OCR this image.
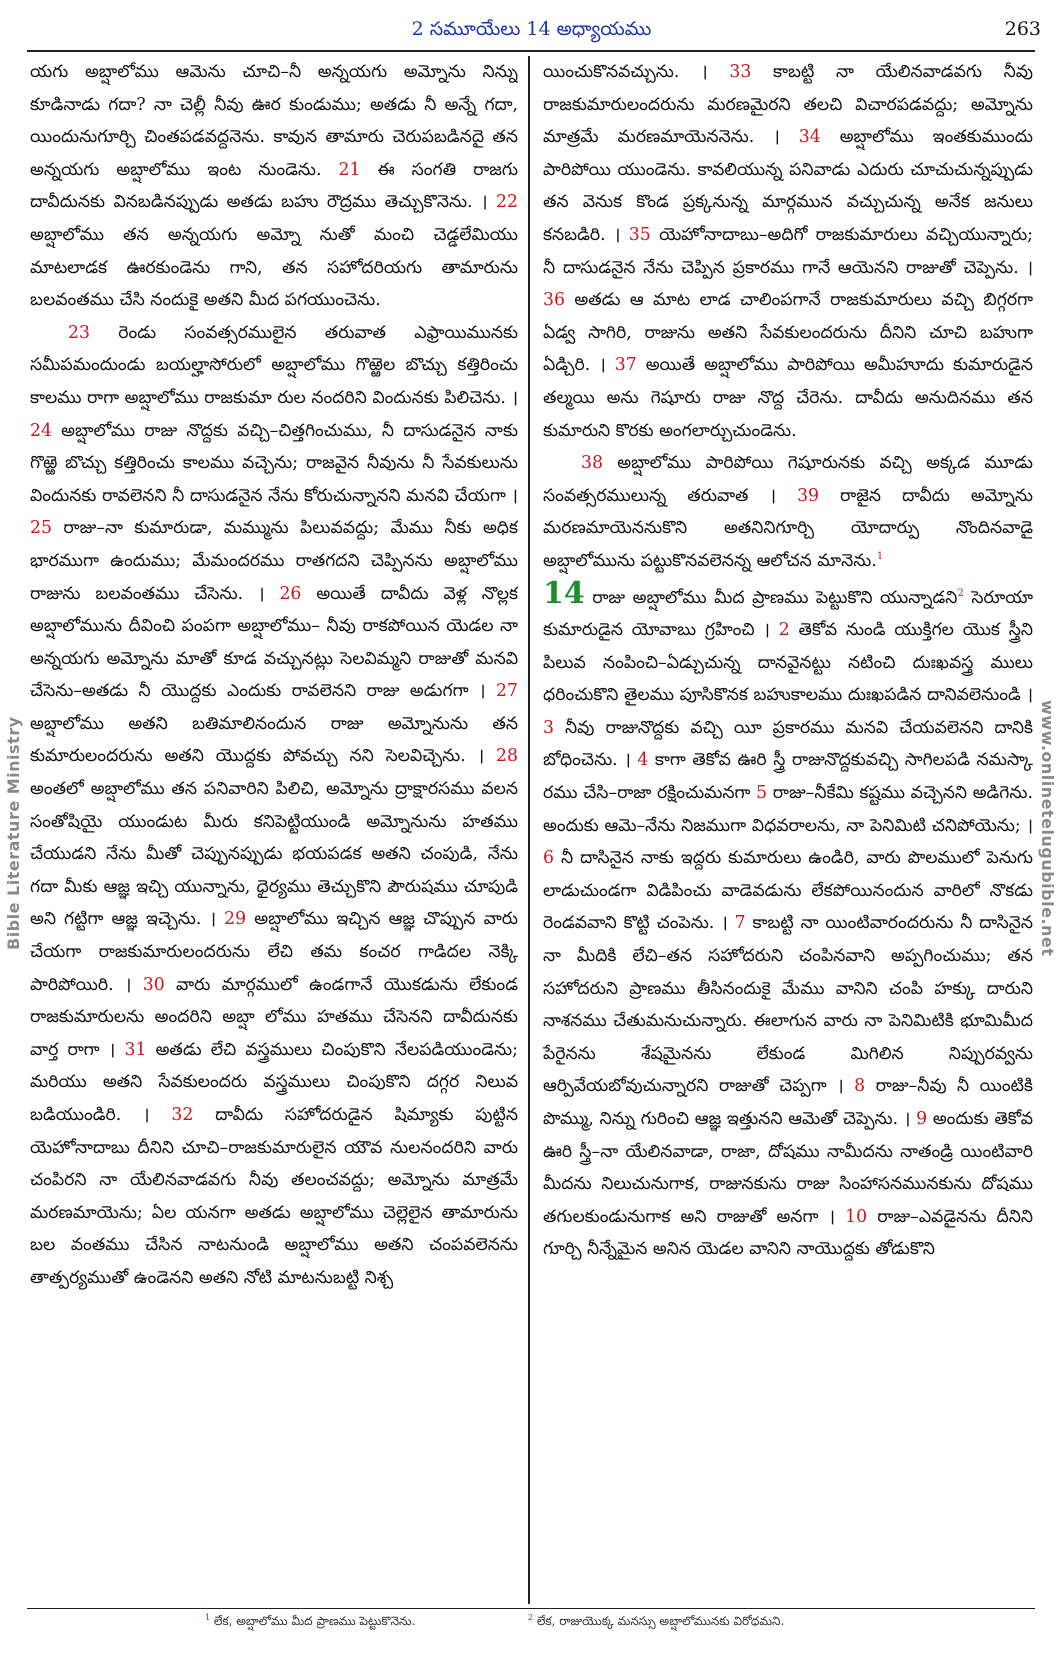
2 సమూయేలు 14 అధ్యాయము	263
Bible Literature Ministry	www.onlinetelugubible.net

యగు అబ్షాలోము ఆమెను చూచి–నీ అన్నయగు అమ్నోను నిన్ను కూడినాడు గదా? నా చెల్లీ నీవు ఊర కుండుము; అతడు నీ అన్నే గదా, యిందునుగూర్చి చింతపడవద్దనెను. కావున తామారు చెరుపబడినదై తన అన్నయగు అబ్షాలోము ఇంట నుండెను. 21 ఈ సంగతి రాజగు దావీదునకు వినబడినప్పుడు అతడు బహు రౌద్రము తెచ్చుకొనెను. । 22 అబ్షాలోము తన అన్నయగు అమ్నో నుతో మంచి చెడ్డలేమియు మాటలాడక ఊరకుండెను గాని, తన సహోదరియగు తామారును బలవంతము చేసి నందుకై అతని మీద పగయుంచెను.

23 రెండు సంవత్సరములైన తరువాత ఎఫ్రాయిమునకు సమీపమందుండు బయల్హాసోరులో అబ్షాలోము గొఱ్ఱెల బొచ్చు కత్తిరించు కాలము రాగా అబ్షాలోము రాజకుమా రుల నందరిని విందునకు పిలిచెను. । 24 అబ్షాలోము రాజు నొద్దకు వచ్చి–చిత్తగించుము, నీ దాసుడనైన నాకు గొఱ్ఱె బొచ్చు కత్తిరించు కాలము వచ్చెను; రాజవైన నీవును నీ సేవకులును విందునకు రావలెనని నీ దాసుడనైన నేను కోరుచున్నానని మనవి చేయగా । 25 రాజు–నా కుమారుడా, మమ్మును పిలువవద్దు; మేము నీకు అధిక భారముగా ఉందుము; మేమందరము రాతగదని చెప్పినను అబ్షాలోము రాజును బలవంతము చేసెను. । 26 అయితే దావీదు వెళ్ల నొల్లక అబ్షాలోమును దీవించి పంపగా అబ్షాలోము– నీవు రాకపోయిన యెడల నా అన్నయగు అమ్నోను మాతో కూడ వచ్చునట్లు సెలవిమ్మని రాజుతో మనవి చేసెను–అతడు నీ యొద్దకు ఎందుకు రావలెనని రాజు అడుగగా । 27 అబ్షాలోము అతని బతిమాలినందున రాజు అమ్నోనును తన కుమారులందరును అతని యొద్దకు పోవచ్చు నని సెలవిచ్చెను. । 28 అంతలో అబ్షాలోము తన పనివారిని పిలిచి, అమ్నోను ద్రాక్షారసము వలన సంతోషియై యుండుట మీరు కనిపెట్టియుండి అమ్నోనును హతము చేయుడని నేను మీతో చెప్పునప్పుడు భయపడక అతని చంపుడి, నేను గదా మీకు ఆజ్ఞ ఇచ్చి యున్నాను, ధైర్యము తెచ్చుకొని పౌరుషము చూపుడి అని గట్టిగా ఆజ్ఞ ఇచ్చెను. । 29 అబ్షాలోము ఇచ్చిన ఆజ్ఞ చొప్పున వారు చేయగా రాజకుమారులందరును లేచి తమ కంచర గాడిదల నెక్కి పారిపోయిరి. । 30 వారు మార్గములో ఉండగానే యొకడును లేకుండ రాజకుమారులను అందరిని అబ్షా లోము హతము చేసెనని దావీదునకు వార్త రాగా । 31 అతడు లేచి వస్త్రములు చింపుకొని నేలపడియుండెను; మరియు అతని సేవకులందరు వస్త్రములు చింపుకొని దగ్గర నిలువ బడియుండిరి. । 32 దావీదు సహోదరుడైన షిమ్యాకు పుట్టిన యెహోనాదాబు దీనిని చూచి–రాజకుమారులైన యౌవ నులనందరిని వారు చంపిరని నా యేలినవాడవగు నీవు తలంచవద్దు; అమ్నోను మాత్రమే మరణమాయెను; ఏల యనగా అతడు అబ్షాలోము చెల్లెలైన తామారును బల వంతము చేసిన నాటనుండి అబ్షాలోము అతని చంపవలెనను తాత్పర్యముతో ఉండెనని అతని నోటి మాటనుబట్టి నిశ్చ

యించుకొనవచ్చును. । 33 కాబట్టి నా యేలినవాడవగు నీవు రాజకుమారులందరును మరణమైరని తలచి విచారపడవద్దు; అమ్నోను మాత్రమే మరణమాయెననెను. । 34 అబ్షాలోము ఇంతకుముందు పారిపోయి యుండెను. కావలియున్న పనివాడు ఎదురు చూచుచున్నప్పుడు తన వెనుక కొండ ప్రక్కనున్న మార్గమున వచ్చుచున్న అనేక జనులు కనబడిరి. । 35 యెహోనాదాబు–అదిగో రాజకుమారులు వచ్చియున్నారు; నీ దాసుడనైన నేను చెప్పిన ప్రకారము గానే ఆయెనని రాజుతో చెప్పెను. । 36 అతడు ఆ మాట లాడ చాలింపగానే రాజకుమారులు వచ్చి బిగ్గరగా ఏడ్వ సాగిరి, రాజును అతని సేవకులందరును దీనిని చూచి బహుగా ఏడ్చిరి. । 37 అయితే అబ్షాలోము పారిపోయి అమీహూదు కుమారుడైన తల్మయి అను గెషూరు రాజు నొద్ద చేరెను. దావీదు అనుదినము తన కుమారుని కొరకు అంగలార్చుచుండెను.

38 అబ్షాలోము పారిపోయి గెషూరునకు వచ్చి అక్కడ మూడు సంవత్సరములున్న తరువాత । 39 రాజైన దావీదు అమ్నోను మరణమాయెననుకొని అతనినిగూర్చి యోదార్పు నొందినవాడై అబ్షాలోమును పట్టుకొనవలెనన్న ఆలోచన మానెను.$^1$

14 రాజు అబ్షాలోము మీద ప్రాణము పెట్టుకొని యున్నాడని$^2$ సెరూయా కుమారుడైన యోవాబు గ్రహించి । 2 తెకోవ నుండి యుక్తిగల యొక స్త్రీని పిలువ నంపించి–ఏడ్చుచున్న దానవైనట్టు నటించి దుఃఖవస్త్ర ములు ధరించుకొని తైలము పూసికొనక బహుకాలము దుఃఖపడిన దానివలెనుండి । 3 నీవు రాజునొద్దకు వచ్చి యీ ప్రకారము మనవి చేయవలెనని దానికి బోధించెను. । 4 కాగా తెకోవ ఊరి స్త్రీ రాజునొద్దకువచ్చి సాగిలపడి నమస్కా రము చేసి–రాజా రక్షించుమనగా 5 రాజు–నీకేమి కష్టము వచ్చెనని అడిగెను. అందుకు ఆమె–నేను నిజముగా విధవరాలను, నా పెనిమిటి చనిపోయెను; । 6 నీ దాసినైన నాకు ఇద్దరు కుమారులు ఉండిరి, వారు పొలములో పెనుగు లాడుచుండగా విడిపించు వాడెవడును లేకపోయినందున వారిలో నొకడు రెండవవాని కొట్టి చంపెను. । 7 కాబట్టి నా యింటివారందరును నీ దాసినైన నా మీదికి లేచి–తన సహోదరుని చంపినవాని అప్పగించుము; తన సహోదరుని ప్రాణము తీసినందుకై మేము వానిని చంపి హక్కు దారుని నాశనము చేతుమనుచున్నారు. ఈలాగున వారు నా పెనిమిటికి భూమిమీద పేరైనను శేషమైనను లేకుండ మిగిలిన నిప్పురవ్వను ఆర్పివేయబోవుచున్నారని రాజుతో చెప్పగా । 8 రాజు–నీవు నీ యింటికి పొమ్ము, నిన్ను గురించి ఆజ్ఞ ఇత్తునని ఆమెతో చెప్పెను. । 9 అందుకు తెకోవ ఊరి స్త్రీ–నా యేలినవాడా, రాజా, దోషము నామీదను నాతండ్రి యింటివారి మీదను నిలుచునుగాక, రాజునకును రాజు సింహాసనమునకును దోషము తగులకుండునుగాక అని రాజుతో అనగా । 10 రాజు–ఎవడైనను దీనిని గూర్చి నీన్నేమైన అనిన యెడల వానిని నాయొద్దకు తోడుకొని

$^1$ లేక, అబ్షాలోము మీద ప్రాణము పెట్టుకొనెను.	$^2$ లేక, రాజుయొక్క మనస్సు అబ్షాలోమునకు విరోధమని.
